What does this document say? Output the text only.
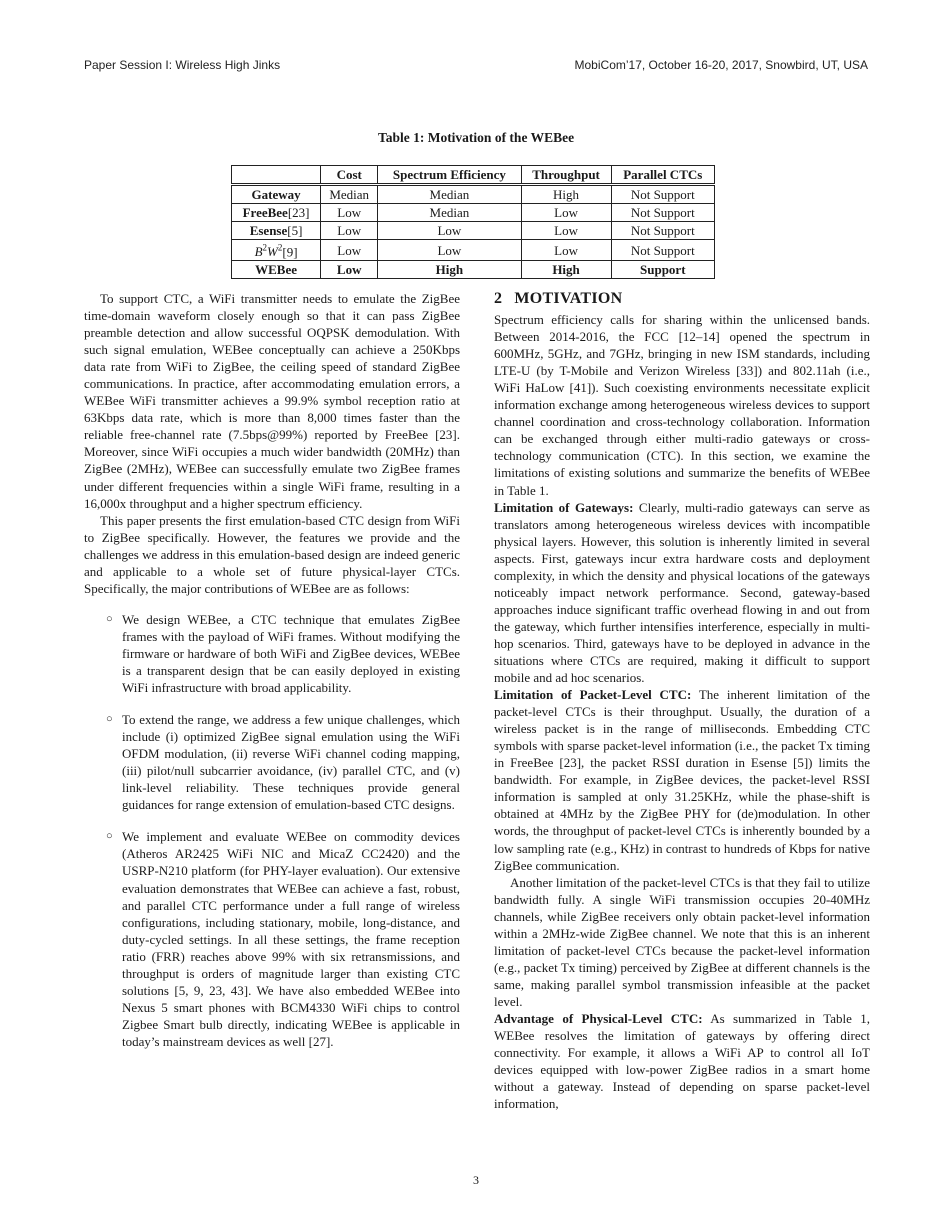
Paper Session I: Wireless High Jinks	MobiCom’17, October 16-20, 2017, Snowbird, UT, USA
Table 1: Motivation of the WEBee
	Cost	Spectrum Efficiency	Throughput	Parallel CTCs
Gateway	Median	Median	High	Not Support
FreeBee[23]	Low	Median	Low	Not Support
Esense[5]	Low	Low	Low	Not Support
$B^2W^2[9]$	Low	Low	Low	Not Support
WEBee	Low	High	High	Support

To support CTC, a WiFi transmitter needs to emulate the ZigBee time-domain waveform closely enough so that it can pass ZigBee preamble detection and allow successful OQPSK demodulation. With such signal emulation, WEBee conceptually can achieve a 250Kbps data rate from WiFi to ZigBee, the ceiling speed of standard ZigBee communications. In practice, after accommodating emulation errors, a WEBee WiFi transmitter achieves a 99.9% symbol reception ratio at 63Kbps data rate, which is more than 8,000 times faster than the reliable free-channel rate (7.5bps@99%) reported by FreeBee [23]. Moreover, since WiFi occupies a much wider bandwidth (20MHz) than ZigBee (2MHz), WEBee can successfully emulate two ZigBee frames under different frequencies within a single WiFi frame, resulting in a 16,000x throughput and a higher spectrum efficiency.

This paper presents the first emulation-based CTC design from WiFi to ZigBee specifically. However, the features we provide and the challenges we address in this emulation-based design are indeed generic and applicable to a whole set of future physical-layer CTCs. Specifically, the major contributions of WEBee are as follows:

○ We design WEBee, a CTC technique that emulates ZigBee frames with the payload of WiFi frames. Without modifying the firmware or hardware of both WiFi and ZigBee devices, WEBee is a transparent design that be can easily deployed in existing WiFi infrastructure with broad applicability.
○ To extend the range, we address a few unique challenges, which include (i) optimized ZigBee signal emulation using the WiFi OFDM modulation, (ii) reverse WiFi channel coding mapping, (iii) pilot/null subcarrier avoidance, (iv) parallel CTC, and (v) link-level reliability. These techniques provide general guidances for range extension of emulation-based CTC designs.
○ We implement and evaluate WEBee on commodity devices (Atheros AR2425 WiFi NIC and MicaZ CC2420) and the USRP-N210 platform (for PHY-layer evaluation). Our extensive evaluation demonstrates that WEBee can achieve a fast, robust, and parallel CTC performance under a full range of wireless configurations, including stationary, mobile, long-distance, and duty-cycled settings. In all these settings, the frame reception ratio (FRR) reaches above 99% with six retransmissions, and throughput is orders of magnitude larger than existing CTC solutions [5, 9, 23, 43]. We have also embedded WEBee into Nexus 5 smart phones with BCM4330 WiFi chips to control Zigbee Smart bulb directly, indicating WEBee is applicable in today’s mainstream devices as well [27].
2 MOTIVATION

Spectrum efficiency calls for sharing within the unlicensed bands. Between 2014-2016, the FCC [12–14] opened the spectrum in 600MHz, 5GHz, and 7GHz, bringing in new ISM standards, including LTE-U (by T-Mobile and Verizon Wireless [33]) and 802.11ah (i.e., WiFi HaLow [41]). Such coexisting environments necessitate explicit information exchange among heterogeneous wireless devices to support channel coordination and cross-technology collaboration. Information can be exchanged through either multi-radio gateways or cross-technology communication (CTC). In this section, we examine the limitations of existing solutions and summarize the benefits of WEBee in Table 1.

Limitation of Gateways: Clearly, multi-radio gateways can serve as translators among heterogeneous wireless devices with incompatible physical layers. However, this solution is inherently limited in several aspects. First, gateways incur extra hardware costs and deployment complexity, in which the density and physical locations of the gateways noticeably impact network performance. Second, gateway-based approaches induce significant traffic overhead flowing in and out from the gateway, which further intensifies interference, especially in multi-hop scenarios. Third, gateways have to be deployed in advance in the situations where CTCs are required, making it difficult to support mobile and ad hoc scenarios.

Limitation of Packet-Level CTC: The inherent limitation of the packet-level CTCs is their throughput. Usually, the duration of a wireless packet is in the range of milliseconds. Embedding CTC symbols with sparse packet-level information (i.e., the packet Tx timing in FreeBee [23], the packet RSSI duration in Esense [5]) limits the bandwidth. For example, in ZigBee devices, the packet-level RSSI information is sampled at only 31.25KHz, while the phase-shift is obtained at 4MHz by the ZigBee PHY for (de)modulation. In other words, the throughput of packet-level CTCs is inherently bounded by a low sampling rate (e.g., KHz) in contrast to hundreds of Kbps for native ZigBee communication.

Another limitation of the packet-level CTCs is that they fail to utilize bandwidth fully. A single WiFi transmission occupies 20-40MHz channels, while ZigBee receivers only obtain packet-level information within a 2MHz-wide ZigBee channel. We note that this is an inherent limitation of packet-level CTCs because the packet-level information (e.g., packet Tx timing) perceived by ZigBee at different channels is the same, making parallel symbol transmission infeasible at the packet level.

Advantage of Physical-Level CTC: As summarized in Table 1, WEBee resolves the limitation of gateways by offering direct connectivity. For example, it allows a WiFi AP to control all IoT devices equipped with low-power ZigBee radios in a smart home without a gateway. Instead of depending on sparse packet-level information,

3
